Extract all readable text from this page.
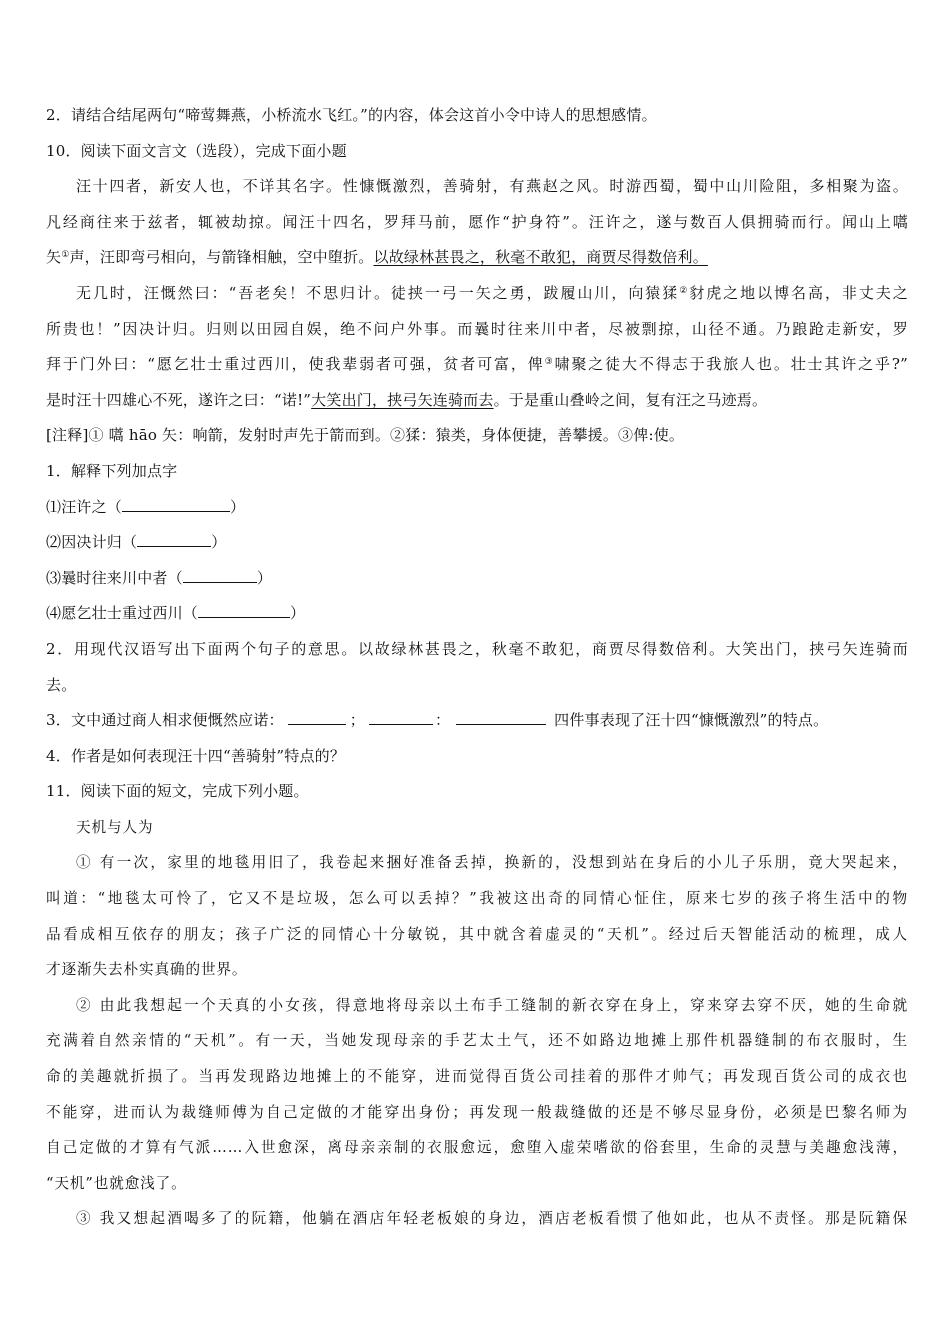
2．请结合结尾两句“啼莺舞燕，小桥流水飞红。”的内容，体会这首小令中诗人的思想感情。
10．阅读下面文言文（选段），完成下面小题
汪十四者，新安人也，不详其名字。性慷慨激烈，善骑射，有燕赵之风。时游西蜀，蜀中山川险阻，多相聚为盗。
凡经商往来于兹者，辄被劫掠。闻汪十四名，罗拜马前，愿作“护身符”。汪许之，遂与数百人俱拥骑而行。闻山上嚆
矢①声，汪即弯弓相向，与箭锋相触，空中堕折。以故绿林甚畏之，秋毫不敢犯，商贾尽得数倍利。
无几时，汪慨然曰：“吾老矣！不思归计。徒挟一弓一矢之勇，跋履山川，向猿猱②豺虎之地以博名高，非丈夫之
所贵也！”因决计归。归则以田园自娱，绝不问户外事。而曩时往来川中者，尽被剽掠，山径不通。乃踉跄走新安，罗
拜于门外曰：“愿乞壮士重过西川，使我辈弱者可强，贫者可富，俾③啸聚之徒大不得志于我旅人也。壮士其许之乎?”
是时汪十四雄心不死，遂许之曰：“诺!”大笑出门，挟弓矢连骑而去。于是重山叠岭之间，复有汪之马迹焉。
[注释]① 嚆 hāo 矢：响箭，发射时声先于箭而到。②猱：猿类，身体便捷，善攀援。③俾:使。
1．解释下列加点字
⑴汪许之（	）
⑵因决计归（	）
⑶曩时往来川中者（	）
⑷愿乞壮士重过西川（	）
2．用现代汉语写出下面两个句子的意思。以故绿林甚畏之，秋毫不敢犯，商贾尽得数倍利。大笑出门，挟弓矢连骑而
去。
3．文中通过商人相求便慨然应诺：	；	：	四件事表现了汪十四“慷慨激烈”的特点。
4．作者是如何表现汪十四“善骑射”特点的？
11．阅读下面的短文，完成下列小题。
天机与人为
① 有一次，家里的地毯用旧了，我卷起来捆好准备丢掉，换新的，没想到站在身后的小儿子乐朋，竟大哭起来，
叫道：“地毯太可怜了，它又不是垃圾，怎么可以丢掉？”我被这出奇的同情心怔住，原来七岁的孩子将生活中的物
品看成相互依存的朋友；孩子广泛的同情心十分敏锐，其中就含着虚灵的“天机”。经过后天智能活动的梳理，成人
才逐渐失去朴实真确的世界。
② 由此我想起一个天真的小女孩，得意地将母亲以土布手工缝制的新衣穿在身上，穿来穿去穿不厌，她的生命就
充满着自然亲情的“天机”。有一天，当她发现母亲的手艺太土气，还不如路边地摊上那件机器缝制的布衣服时，生
命的美趣就折损了。当再发现路边地摊上的不能穿，进而觉得百货公司挂着的那件才帅气；再发现百货公司的成衣也
不能穿，进而认为裁缝师傅为自己定做的才能穿出身份；再发现一般裁缝做的还是不够尽显身份，必须是巴黎名师为
自己定做的才算有气派……入世愈深，离母亲亲制的衣服愈远，愈堕入虚荣嗜欲的俗套里，生命的灵慧与美趣愈浅薄，
“天机”也就愈浅了。
③ 我又想起酒喝多了的阮籍，他躺在酒店年轻老板娘的身边，酒店老板看惯了他如此，也从不责怪。那是阮籍保
